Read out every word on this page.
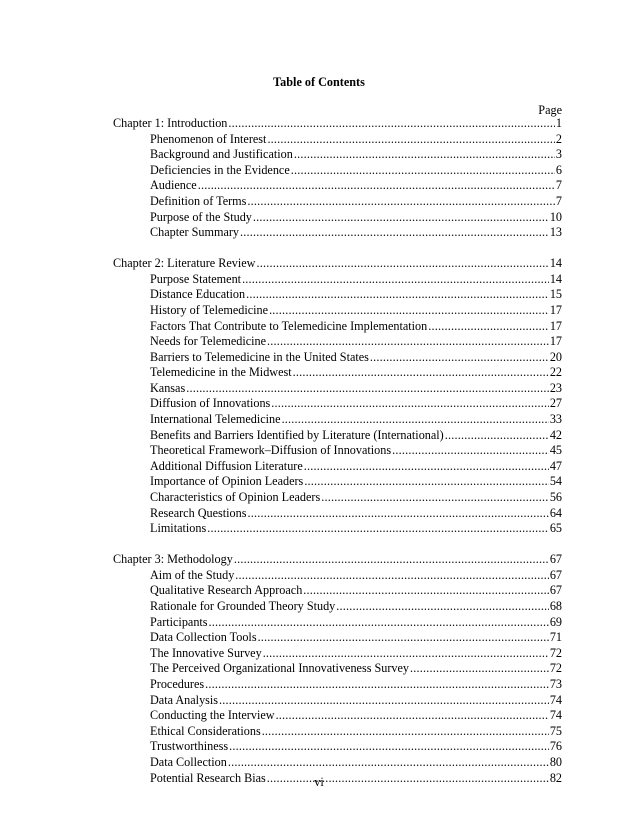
Table of Contents
Page
Chapter 1: Introduction .....	1
Phenomenon of Interest .....	2
Background and Justification .....	3
Deficiencies in the Evidence .....	6
Audience .....	7
Definition of Terms .....	7
Purpose of the Study .....	10
Chapter Summary .....	13
Chapter 2: Literature Review .....	14
Purpose Statement .....	14
Distance Education .....	15
History of Telemedicine .....	17
Factors That Contribute to Telemedicine Implementation .....	17
Needs for Telemedicine .....	17
Barriers to Telemedicine in the United States .....	20
Telemedicine in the Midwest .....	22
Kansas .....	23
Diffusion of Innovations .....	27
International Telemedicine .....	33
Benefits and Barriers Identified by Literature (International) .....	42
Theoretical Framework–Diffusion of Innovations .....	45
Additional Diffusion Literature .....	47
Importance of Opinion Leaders .....	54
Characteristics of Opinion Leaders .....	56
Research Questions .....	64
Limitations .....	65
Chapter 3: Methodology .....	67
Aim of the Study .....	67
Qualitative Research Approach .....	67
Rationale for Grounded Theory Study .....	68
Participants .....	69
Data Collection Tools .....	71
The Innovative Survey .....	72
The Perceived Organizational Innovativeness Survey .....	72
Procedures .....	73
Data Analysis .....	74
Conducting the Interview .....	74
Ethical Considerations .....	75
Trustworthiness .....	76
Data Collection .....	80
Potential Research Bias .....	82
vi
